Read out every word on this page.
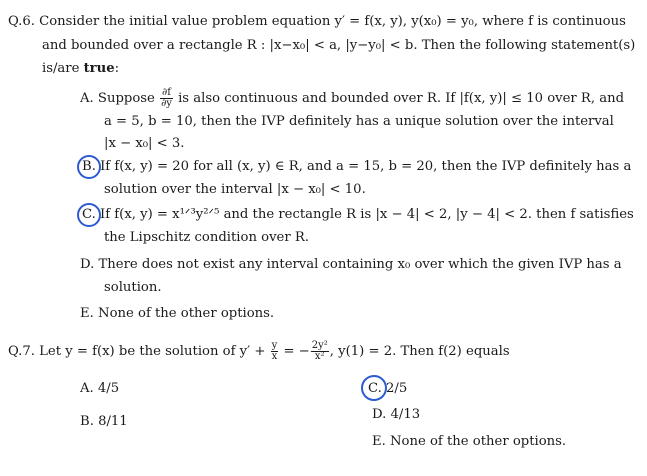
Q.6. Consider the initial value problem equation y′ = f(x, y), y(x₀) = y₀, where f is continuous
and bounded over a rectangle R : |x−x₀| < a, |y−y₀| < b. Then the following statement(s)
is/are true:
A. Suppose $\frac{\partial f}{\partial y}$ is also continuous and bounded over R. If |f(x, y)| ≤ 10 over R, and
a = 5, b = 10, then the IVP definitely has a unique solution over the interval
|x − x₀| < 3.
B. If f(x, y) = 20 for all (x, y) ∈ R, and a = 15, b = 20, then the IVP definitely has a
solution over the interval |x − x₀| < 10.
C. If f(x, y) = x¹ᐟ³y²ᐟ⁵ and the rectangle R is |x − 4| < 2, |y − 4| < 2. then f satisfies
the Lipschitz condition over R.
D. There does not exist any interval containing x₀ over which the given IVP has a
solution.
E. None of the other options.
Q.7. Let y = f(x) be the solution of $y' + \frac{y}{x}$ = − $\frac{\text{2y²}}{\text{x²}}$ , y(1) = 2. Then f(2) equals
A. 4/5
B. 8/11
C. 2/5
D. 4/13
E. None of the other options.
